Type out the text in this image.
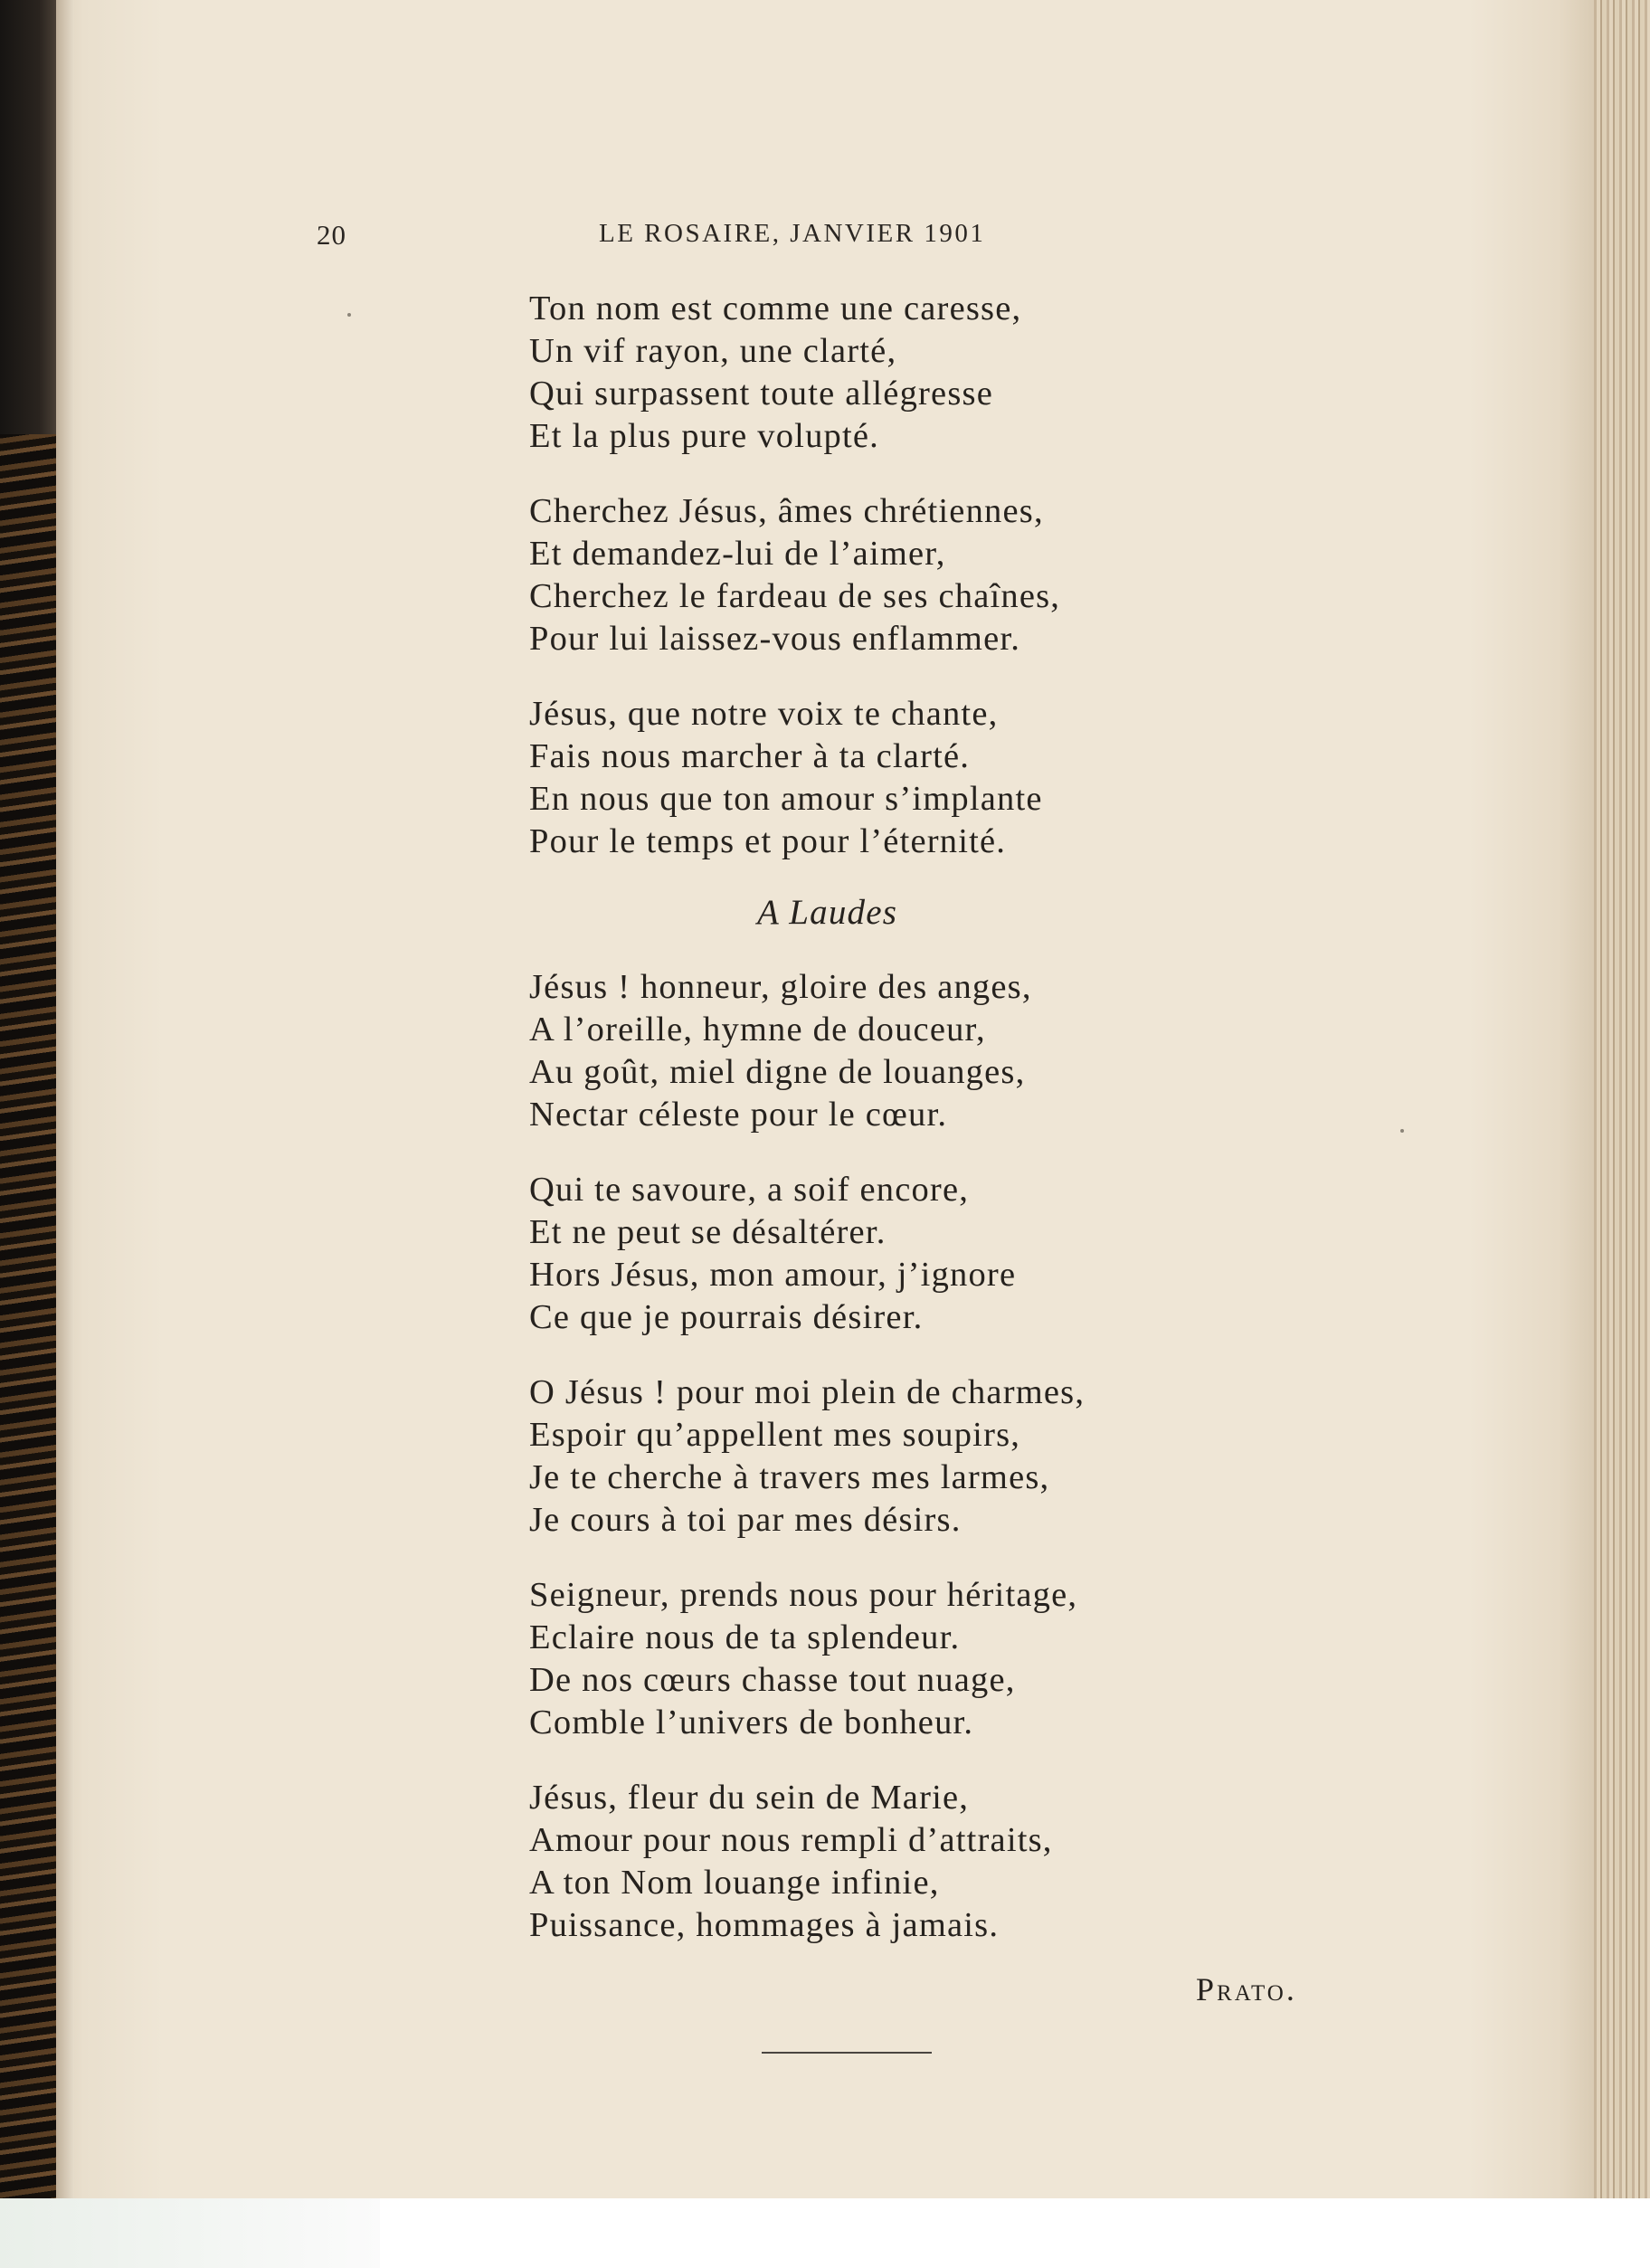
20	LE ROSAIRE, JANVIER 1901
Ton nom est comme une caresse,
Un vif rayon, une clarté,
Qui surpassent toute allégresse
Et la plus pure volupté.
Cherchez Jésus, âmes chrétiennes,
Et demandez-lui de l’aimer,
Cherchez le fardeau de ses chaînes,
Pour lui laissez-vous enflammer.
Jésus, que notre voix te chante,
Fais nous marcher à ta clarté.
En nous que ton amour s’implante
Pour le temps et pour l’éternité.
A Laudes
Jésus ! honneur, gloire des anges,
A l’oreille, hymne de douceur,
Au goût, miel digne de louanges,
Nectar céleste pour le cœur.
Qui te savoure, a soif encore,
Et ne peut se désaltérer.
Hors Jésus, mon amour, j’ignore
Ce que je pourrais désirer.
O Jésus ! pour moi plein de charmes,
Espoir qu’appellent mes soupirs,
Je te cherche à travers mes larmes,
Je cours à toi par mes désirs.
Seigneur, prends nous pour héritage,
Eclaire nous de ta splendeur.
De nos cœurs chasse tout nuage,
Comble l’univers de bonheur.
Jésus, fleur du sein de Marie,
Amour pour nous rempli d’attraits,
A ton Nom louange infinie,
Puissance, hommages à jamais.
Prato.
